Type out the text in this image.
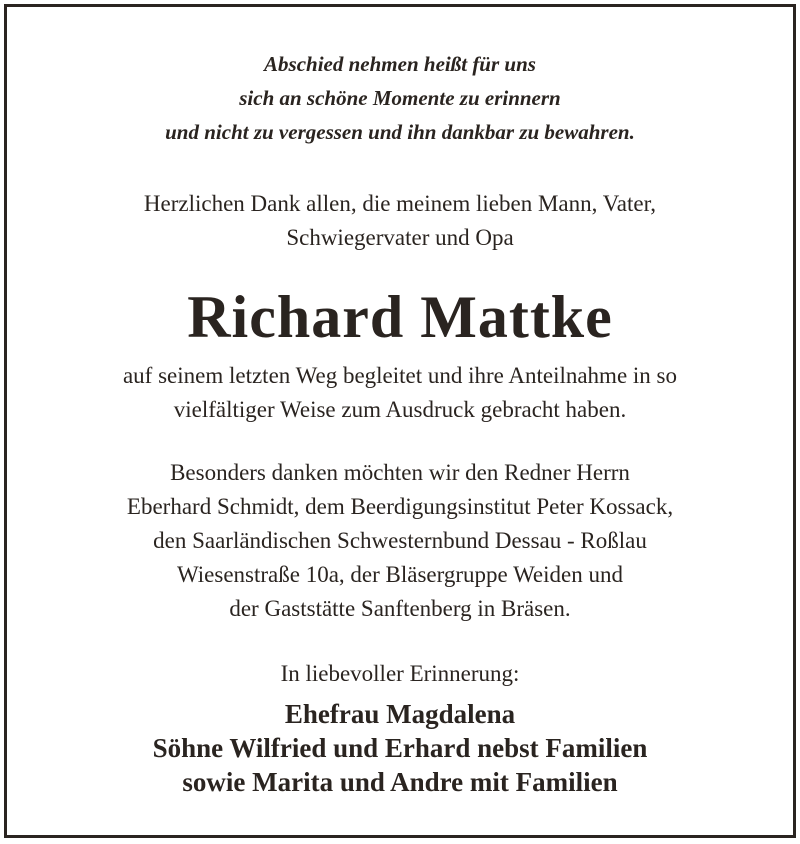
Abschied nehmen heißt für uns
sich an schöne Momente zu erinnern
und nicht zu vergessen und ihn dankbar zu bewahren.
Herzlichen Dank allen, die meinem lieben Mann, Vater,
Schwiegervater und Opa
Richard Mattke
auf seinem letzten Weg begleitet und ihre Anteilnahme in so
vielfältiger Weise zum Ausdruck gebracht haben.
Besonders danken möchten wir den Redner Herrn
Eberhard Schmidt, dem Beerdigungsinstitut Peter Kossack,
den Saarländischen Schwesternbund Dessau - Roßlau
Wiesenstraße 10a, der Bläsergruppe Weiden und
der Gaststätte Sanftenberg in Bräsen.
In liebevoller Erinnerung:
Ehefrau Magdalena
Söhne Wilfried und Erhard nebst Familien
sowie Marita und Andre mit Familien
